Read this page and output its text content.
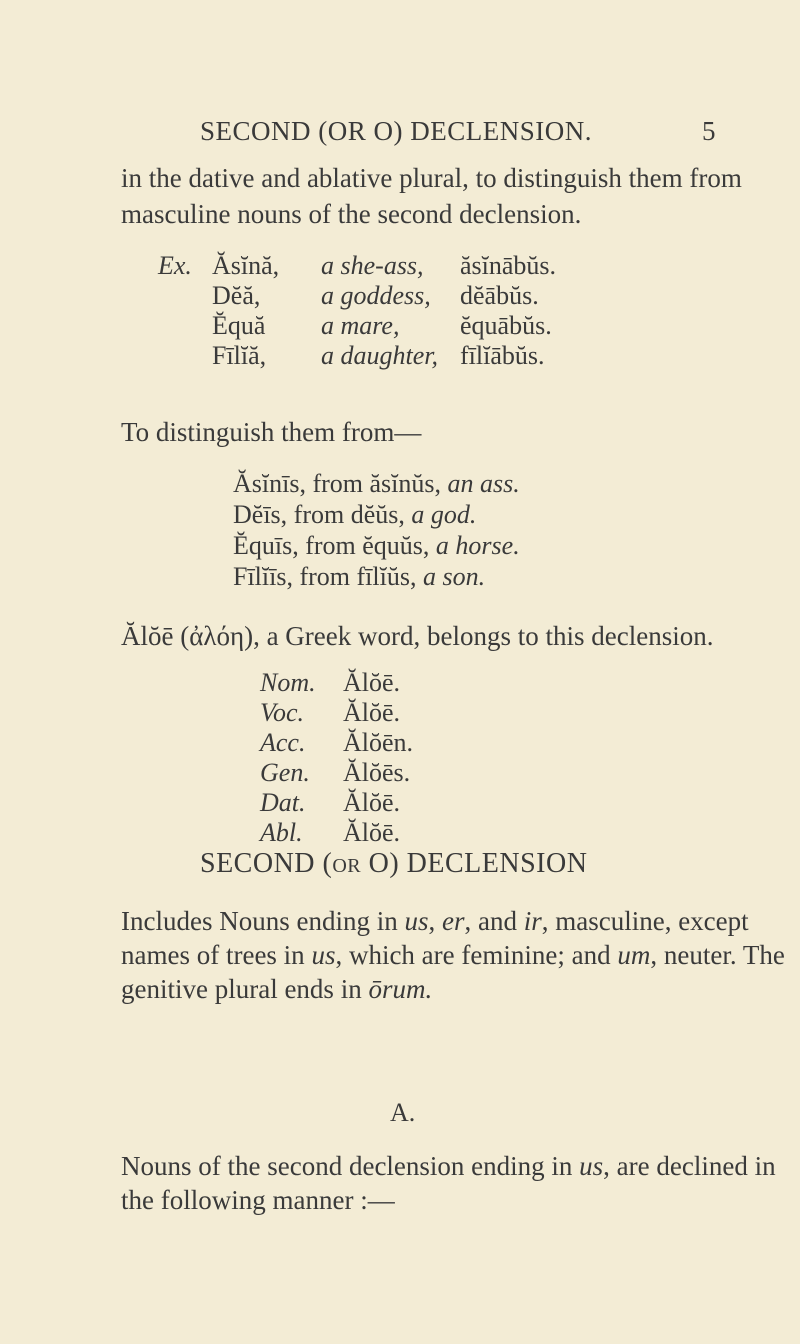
SECOND (OR O) DECLENSION.	5
in the dative and ablative plural, to distinguish them from
masculine nouns of the second declension.
Ex. Ăsĭnă, a she-ass, ăsĭnābŭs.
Dĕă, a goddess, dĕābŭs.
Ĕquă a mare, ĕquābŭs.
Fīlĭă, a daughter, fīlĭābŭs.
To distinguish them from—
Ăsĭnīs, from ăsĭnŭs, an ass.
Dĕīs, from dĕŭs, a god.
Ĕquīs, from ĕquŭs, a horse.
Fīlĭīs, from fīlĭŭs, a son.
Ălŏē (ἀλόη), a Greek word, belongs to this declension.
Nom. Ălŏē.
Voc. Ălŏē.
Acc. Ălŏēn.
Gen. Ălŏēs.
Dat. Ălŏē.
Abl. Ălŏē.
SECOND (or O) DECLENSION
Includes Nouns ending in us, er, and ir, masculine, except names of trees in us, which are feminine; and um, neuter. The genitive plural ends in ōrum.
A.
Nouns of the second declension ending in us, are declined in the following manner :—
